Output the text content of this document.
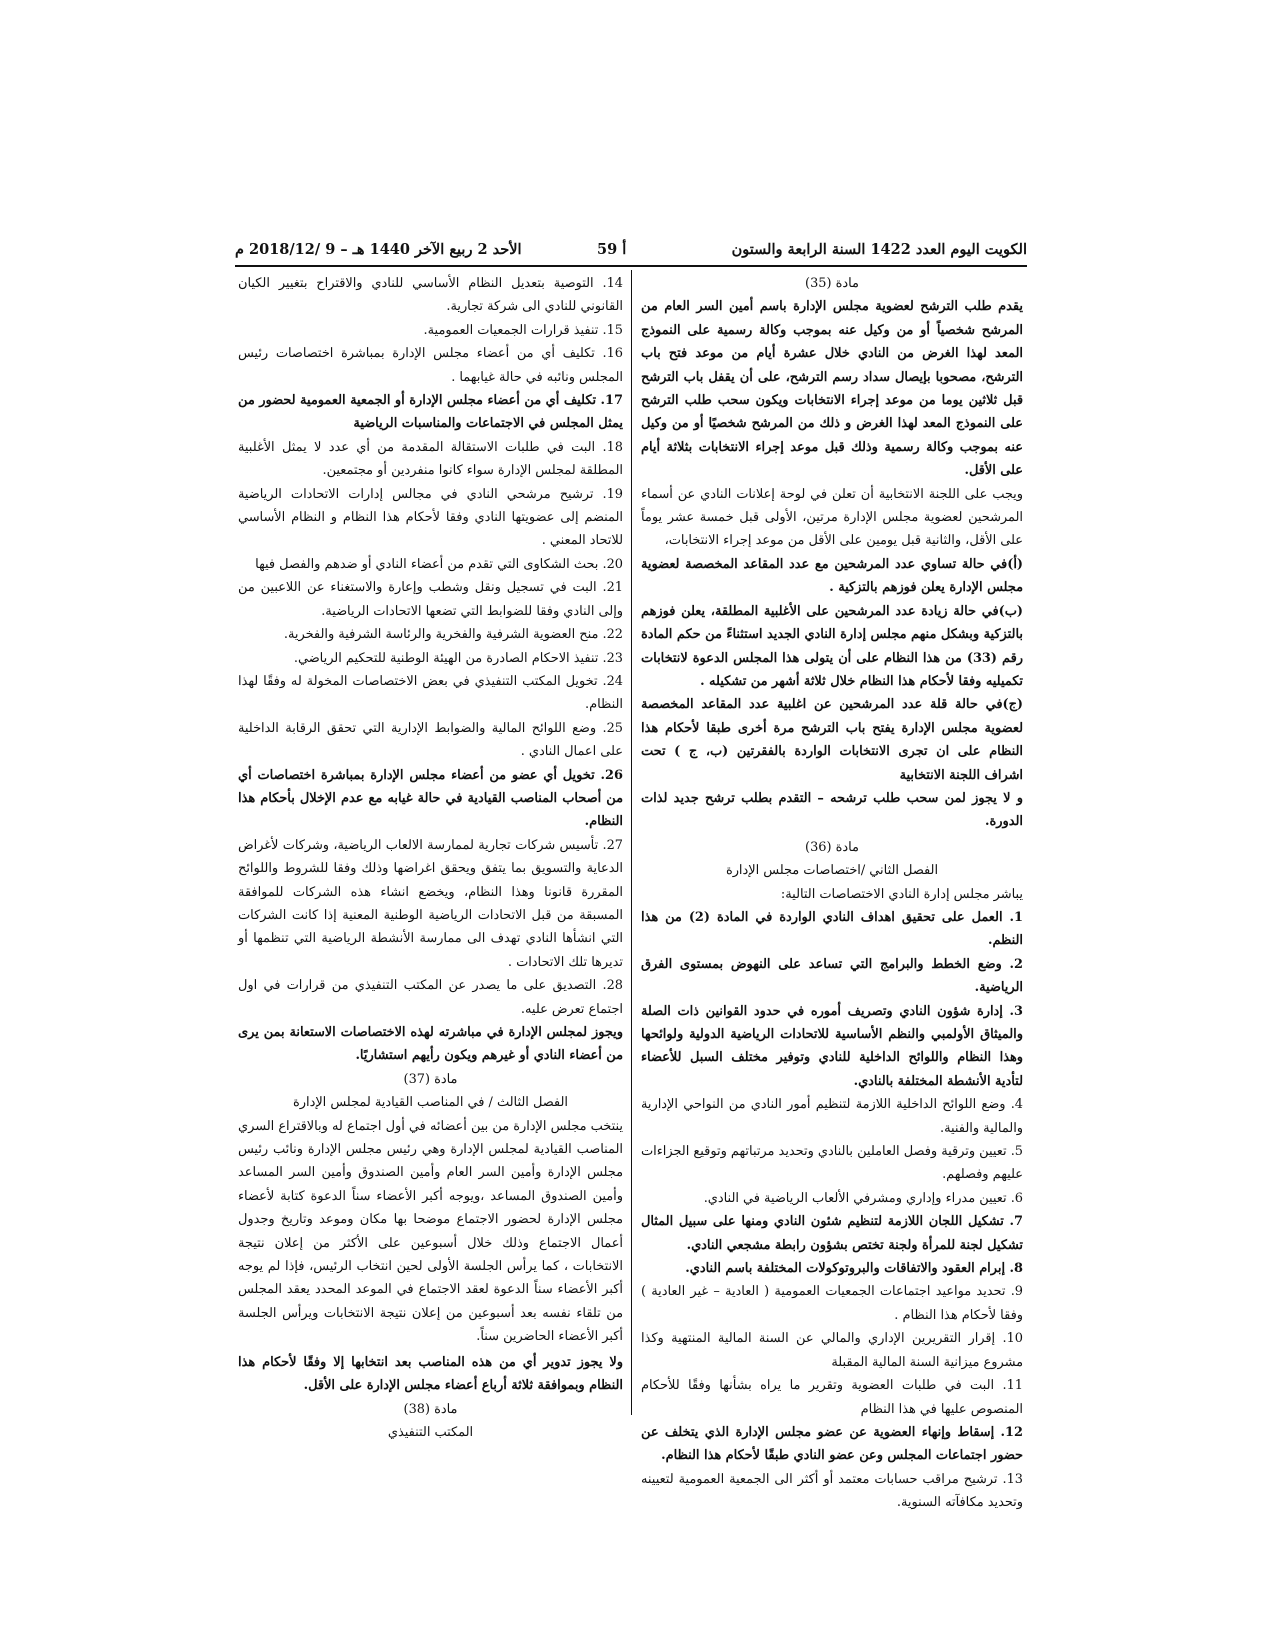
الكويت اليوم العدد 1422 السنة الرابعة والستون
أ 59
الأحد 2 ربيع الآخر 1440 هـ – 9 /2018/12 م

مادة (35)

يقدم طلب الترشح لعضوية مجلس الإدارة باسم أمين السر العام من المرشح شخصياً أو من وكيل عنه بموجب وكالة رسمية على النموذج المعد لهذا الغرض من النادي خلال عشرة أيام من موعد فتح باب الترشح، مصحوبا بإيصال سداد رسم الترشح، على أن يقفل باب الترشح قبل ثلاثين يوما من موعد إجراء الانتخابات ويكون سحب طلب الترشح على النموذج المعد لهذا الغرض و ذلك من المرشح شخصيًا أو من وكيل عنه بموجب وكالة رسمية وذلك قبل موعد إجراء الانتخابات بثلاثة أيام على الأقل.

ويجب على اللجنة الانتخابية أن تعلن في لوحة إعلانات النادي عن أسماء المرشحين لعضوية مجلس الإدارة مرتين، الأولى قبل خمسة عشر يوماً على الأقل، والثانية قبل يومين على الأقل من موعد إجراء الانتخابات،

(أ)في حالة تساوي عدد المرشحين مع عدد المقاعد المخصصة لعضوية مجلس الإدارة يعلن فوزهم بالتزكية .

(ب)في حالة زيادة عدد المرشحين على الأغلبية المطلقة، يعلن فوزهم بالتزكية وبشكل منهم مجلس إدارة النادي الجديد استثناءً من حكم المادة رقم (33) من هذا النظام على أن يتولى هذا المجلس الدعوة لانتخابات تكميليه وفقا لأحكام هذا النظام خلال ثلاثة أشهر من تشكيله .

(ج)في حالة قلة عدد المرشحين عن اغلبية عدد المقاعد المخصصة لعضوية مجلس الإدارة يفتح باب الترشح مرة أخرى طبقا لأحكام هذا النظام على ان تجرى الانتخابات الواردة بالفقرتين (ب، ج ) تحت اشراف اللجنة الانتخابية

و لا يجوز لمن سحب طلب ترشحه – التقدم بطلب ترشح جديد لذات الدورة.

مادة (36)

الفصل الثاني /اختصاصات مجلس الإدارة

يباشر مجلس إدارة النادي الاختصاصات التالية:

1. العمل على تحقيق اهداف النادي الواردة في المادة (2) من هذا النظم.

2. وضع الخطط والبرامج التي تساعد على النهوض بمستوى الفرق الرياضية.

3. إدارة شؤون النادي وتصريف أموره في حدود القوانين ذات الصلة والميثاق الأولمبي والنظم الأساسية للاتحادات الرياضية الدولية ولوائحها وهذا النظام واللوائح الداخلية للنادي وتوفير مختلف السبل للأعضاء لتأدية الأنشطة المختلفة بالنادي.

4. وضع اللوائح الداخلية اللازمة لتنظيم أمور النادي من النواحي الإدارية والمالية والفنية.

5. تعيين وترقية وفصل العاملين بالنادي وتحديد مرتباتهم وتوقيع الجزاءات عليهم وفصلهم.

6. تعيين مدراء وإداري ومشرفي الألعاب الرياضية في النادي.

7. تشكيل اللجان اللازمة لتنظيم شئون النادي ومنها على سبيل المثال تشكيل لجنة للمرأة ولجنة تختص بشؤون رابطة مشجعي النادي.

8. إبرام العقود والاتفاقات والبروتوكولات المختلفة باسم النادي.

9. تحديد مواعيد اجتماعات الجمعيات العمومية ( العادية – غير العادية ) وفقا لأحكام هذا النظام .

10. إقرار التقريرين الإداري والمالي عن السنة المالية المنتهية وكذا مشروع ميزانية السنة المالية المقبلة

11. البت في طلبات العضوية وتقرير ما يراه بشأنها وفقًا للأحكام المنصوص عليها في هذا النظام

12. إسقاط وإنهاء العضوية عن عضو مجلس الإدارة الذي يتخلف عن حضور اجتماعات المجلس وعن عضو النادي طبقًا لأحكام هذا النظام.

13. ترشيح مراقب حسابات معتمد أو أكثر الى الجمعية العمومية لتعيينه وتحديد مكافآته السنوية.

14. التوصية بتعديل النظام الأساسي للنادي والاقتراح بتغيير الكيان القانوني للنادي الى شركة تجارية.

15. تنفيذ قرارات الجمعيات العمومية.

16. تكليف أي من أعضاء مجلس الإدارة بمباشرة اختصاصات رئيس المجلس ونائبه في حالة غيابهما .

17. تكليف أي من أعضاء مجلس الإدارة أو الجمعية العمومية لحضور من يمثل المجلس في الاجتماعات والمناسبات الرياضية

18. البت في طلبات الاستقالة المقدمة من أي عدد لا يمثل الأغلبية المطلقة لمجلس الإدارة سواء كانوا منفردين أو مجتمعين.

19. ترشيح مرشحي النادي في مجالس إدارات الاتحادات الرياضية المنضم إلى عضويتها النادي وفقا لأحكام هذا النظام و النظام الأساسي للاتحاد المعني .

20. بحث الشكاوى التي تقدم من أعضاء النادي أو ضدهم والفصل فيها

21. البت في تسجيل ونقل وشطب وإعارة والاستغناء عن اللاعبين من وإلى النادي وفقا للضوابط التي تضعها الاتحادات الرياضية.

22. منح العضوية الشرفية والفخرية والرئاسة الشرفية والفخرية.

23. تنفيذ الاحكام الصادرة من الهيئة الوطنية للتحكيم الرياضي.

24. تخويل المكتب التنفيذي في بعض الاختصاصات المخولة له وفقًا لهذا النظام.

25. وضع اللوائح المالية والضوابط الإدارية التي تحقق الرقابة الداخلية على اعمال النادي .

26. تخويل أي عضو من أعضاء مجلس الإدارة بمباشرة اختصاصات أي من أصحاب المناصب القيادية في حالة غيابه مع عدم الإخلال بأحكام هذا النظام.

27. تأسيس شركات تجارية لممارسة الالعاب الرياضية، وشركات لأغراض الدعاية والتسويق بما يتفق ويحقق اغراضها وذلك وفقا للشروط واللوائح المقررة قانونا وهذا النظام، ويخضع انشاء هذه الشركات للموافقة المسبقة من قبل الاتحادات الرياضية الوطنية المعنية إذا كانت الشركات التي انشأها النادي تهدف الى ممارسة الأنشطة الرياضية التي تنظمها أو تديرها تلك الاتحادات .

28. التصديق على ما يصدر عن المكتب التنفيذي من قرارات في اول اجتماع تعرض عليه.

ويجوز لمجلس الإدارة في مباشرته لهذه الاختصاصات الاستعانة بمن يرى من أعضاء النادي أو غيرهم ويكون رأيهم استشاريًا.

مادة (37)

الفصل الثالث / في المناصب القيادية لمجلس الإدارة

ينتخب مجلس الإدارة من بين أعضائه في أول اجتماع له وبالاقتراع السري المناصب القيادية لمجلس الإدارة وهي رئيس مجلس الإدارة ونائب رئيس مجلس الإدارة وأمين السر العام وأمين الصندوق وأمين السر المساعد وأمين الصندوق المساعد ،ويوجه أكبر الأعضاء سناً الدعوة كتابة لأعضاء مجلس الإدارة لحضور الاجتماع موضحا بها مكان وموعد وتاريخ وجدول أعمال الاجتماع وذلك خلال أسبوعين على الأكثر من إعلان نتيجة الانتخابات ، كما يرأس الجلسة الأولى لحين انتخاب الرئيس، فإذا لم يوجه أكبر الأعضاء سناً الدعوة لعقد الاجتماع في الموعد المحدد يعقد المجلس من تلقاء نفسه بعد أسبوعين من إعلان نتيجة الانتخابات ويرأس الجلسة أكبر الأعضاء الحاضرين سناً.

ولا يجوز تدوير أي من هذه المناصب بعد انتخابها إلا وفقًا لأحكام هذا النظام وبموافقة ثلاثة أرباع أعضاء مجلس الإدارة على الأقل.

مادة (38)

المكتب التنفيذي
